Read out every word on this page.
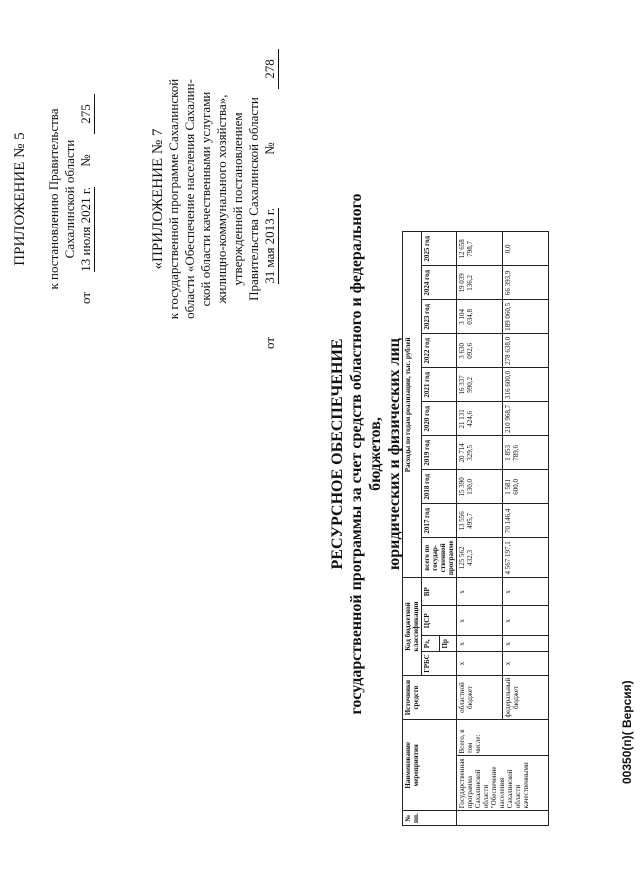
ПРИЛОЖЕНИЕ № 5 к постановлению Правительства Сахалинской области
от
13 июля 2021 г.
№
275
«ПРИЛОЖЕНИЕ № 7 к государственной программе Сахалинской области «Обеспечение населения Сахалин- ской области качественными услугами жилищно-коммунального хозяйства», утвержденной постановлением Правительства Сахалинской области
от
31 мая 2013 г.
№
278
РЕСУРСНОЕ ОБЕСПЕЧЕНИЕ государственной программы за счет средств областного и федерального бюджетов, юридических и физических лиц
№ пп.	Наименование мероприятия		Источники средств	Код бюджетной классификации				Расходы по годам реализации, тыс. рублей									
				ГРБС	Рз,	ЦСР	ВР	всего по государ-ственной программе	2017 год	2018 год	2019 год	2020 год	2021 год	2022 год	2023 год	2024 год	2025 год
					Пр												
	Государственная программа Сахалинской области "Обеспечение населения Сахалинской области качественными	Всего, в том числе:	областной бюджет	x	x	x	x	125 562 432,3	13 556 495,7	15 390 130,0	20 714 329,5	21 131 424,6	16 337 990,2	3 630 092,6	3 104 034,8	19 039 136,2	12 658 798,7
			федеральный бюджет	x	x	x	x	4 567 197,1	70 146,4	1 581 600,0	1 853 789,6	210 968,7	316 600,0	278 638,0	189 060,5	66 393,9	0,0
00350(п)( Версия)
